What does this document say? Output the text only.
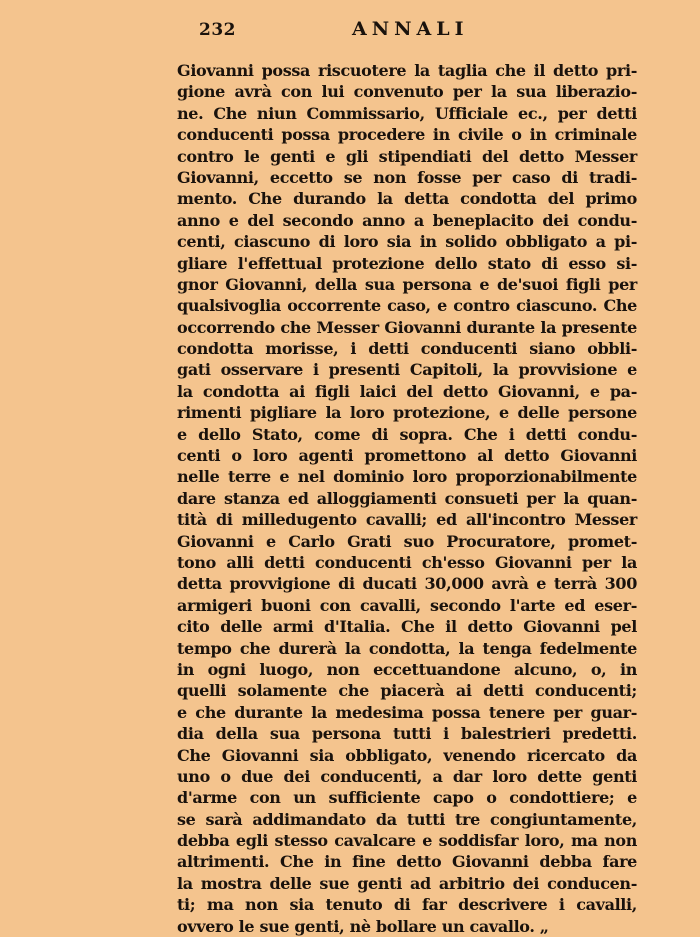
232	ANNALI
Giovanni possa riscuotere la taglia che il detto pri-
gione avrà con lui convenuto per la sua liberazio-
ne. Che niun Commissario, Ufficiale ec., per detti
conducenti possa procedere in civile o in criminale
contro le genti e gli stipendiati del detto Messer
Giovanni, eccetto se non fosse per caso di tradi-
mento. Che durando la detta condotta del primo
anno e del secondo anno a beneplacito dei condu-
centi, ciascuno di loro sia in solido obbligato a pi-
gliare l'effettual protezione dello stato di esso si-
gnor Giovanni, della sua persona e de'suoi figli per
qualsivoglia occorrente caso, e contro ciascuno. Che
occorrendo che Messer Giovanni durante la presente
condotta morisse, i detti conducenti siano obbli-
gati osservare i presenti Capitoli, la provvisione e
la condotta ai figli laici del detto Giovanni, e pa-
rimenti pigliare la loro protezione, e delle persone
e dello Stato, come di sopra. Che i detti condu-
centi o loro agenti promettono al detto Giovanni
nelle terre e nel dominio loro proporzionabilmente
dare stanza ed alloggiamenti consueti per la quan-
tità di milledugento cavalli; ed all'incontro Messer
Giovanni e Carlo Grati suo Procuratore, promet-
tono alli detti conducenti ch'esso Giovanni per la
detta provvigione di ducati 30,000 avrà e terrà 300
armigeri buoni con cavalli, secondo l'arte ed eser-
cito delle armi d'Italia. Che il detto Giovanni pel
tempo che durerà la condotta, la tenga fedelmente
in ogni luogo, non eccettuandone alcuno, o, in
quelli solamente che piacerà ai detti conducenti;
e che durante la medesima possa tenere per guar-
dia della sua persona tutti i balestrieri predetti.
Che Giovanni sia obbligato, venendo ricercato da
uno o due dei conducenti, a dar loro dette genti
d'arme con un sufficiente capo o condottiere; e
se sarà addimandato da tutti tre congiuntamente,
debba egli stesso cavalcare e soddisfar loro, ma non
altrimenti. Che in fine detto Giovanni debba fare
la mostra delle sue genti ad arbitrio dei conducen-
ti; ma non sia tenuto di far descrivere i cavalli,
ovvero le sue genti, nè bollare un cavallo. „
